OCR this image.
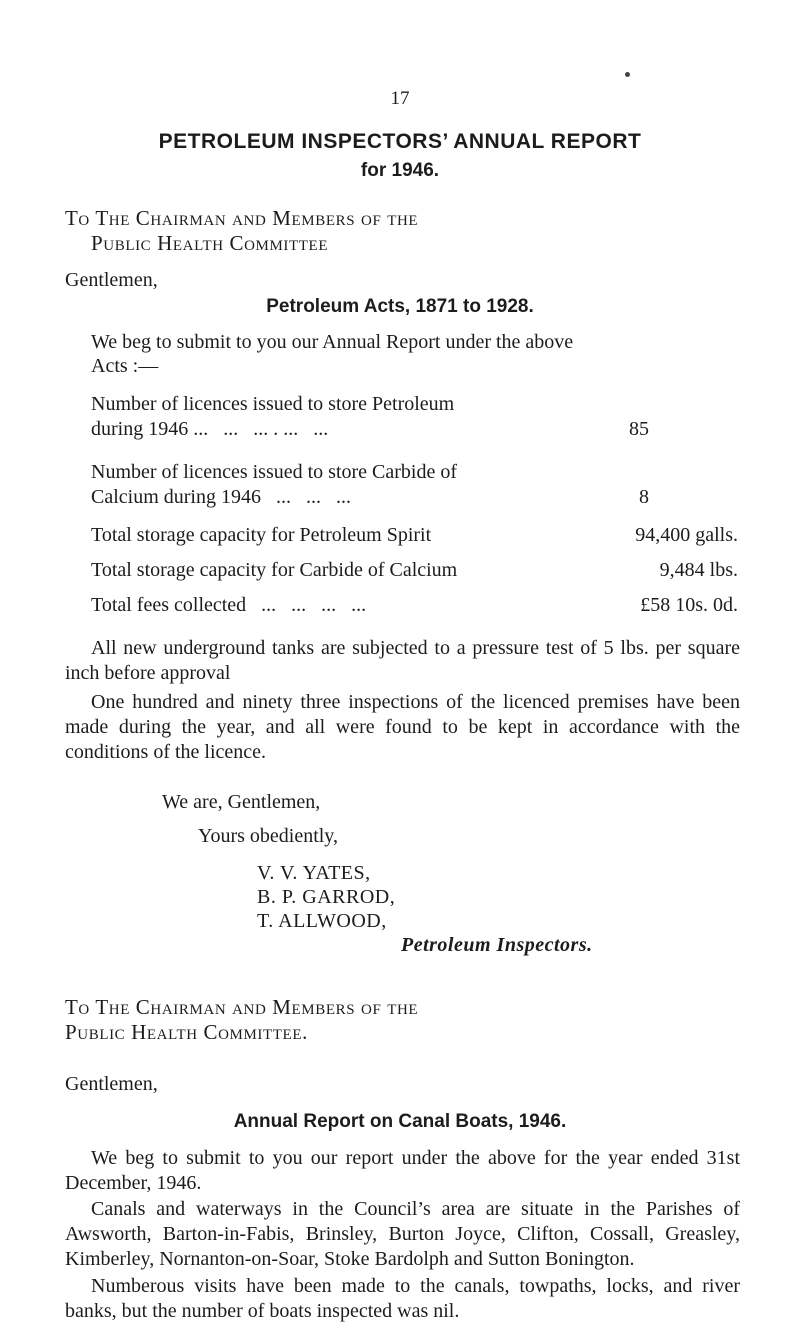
17
PETROLEUM INSPECTORS’ ANNUAL REPORT
for 1946.
To The Chairman and Members of the
Public Health Committee
Gentlemen,
Petroleum Acts, 1871 to 1928.
We beg to submit to you our Annual Report under the above
Acts :—
Number of licences issued to store Petroleum
during 1946 ...   ...   ... . ...   ...	85
Number of licences issued to store Carbide of
Calcium during 1946   ...   ...   ...	8
Total storage capacity for Petroleum Spirit	94,400 galls.
Total storage capacity for Carbide of Calcium	9,484 lbs.
Total fees collected   ...   ...   ...   ...	£58 10s. 0d.
All new underground tanks are subjected to a pressure test of 5 lbs. per square inch before approval
One hundred and ninety three inspections of the licenced premises have been made during the year, and all were found to be kept in accordance with the conditions of the licence.
We are, Gentlemen,
Yours obediently,
V. V. YATES,
B. P. GARROD,
T. ALLWOOD,
Petroleum Inspectors.
To The Chairman and Members of the
Public Health Committee.
Gentlemen,
Annual Report on Canal Boats, 1946.
We beg to submit to you our report under the above for the year ended 31st December, 1946.
Canals and waterways in the Council’s area are situate in the Parishes of Awsworth, Barton-in-Fabis, Brinsley, Burton Joyce, Clifton, Cossall, Greasley, Kimberley, Nornanton-on-Soar, Stoke Bardolph and Sutton Bonington.
Numberous visits have been made to the canals, towpaths, locks, and river banks, but the number of boats inspected was nil.
